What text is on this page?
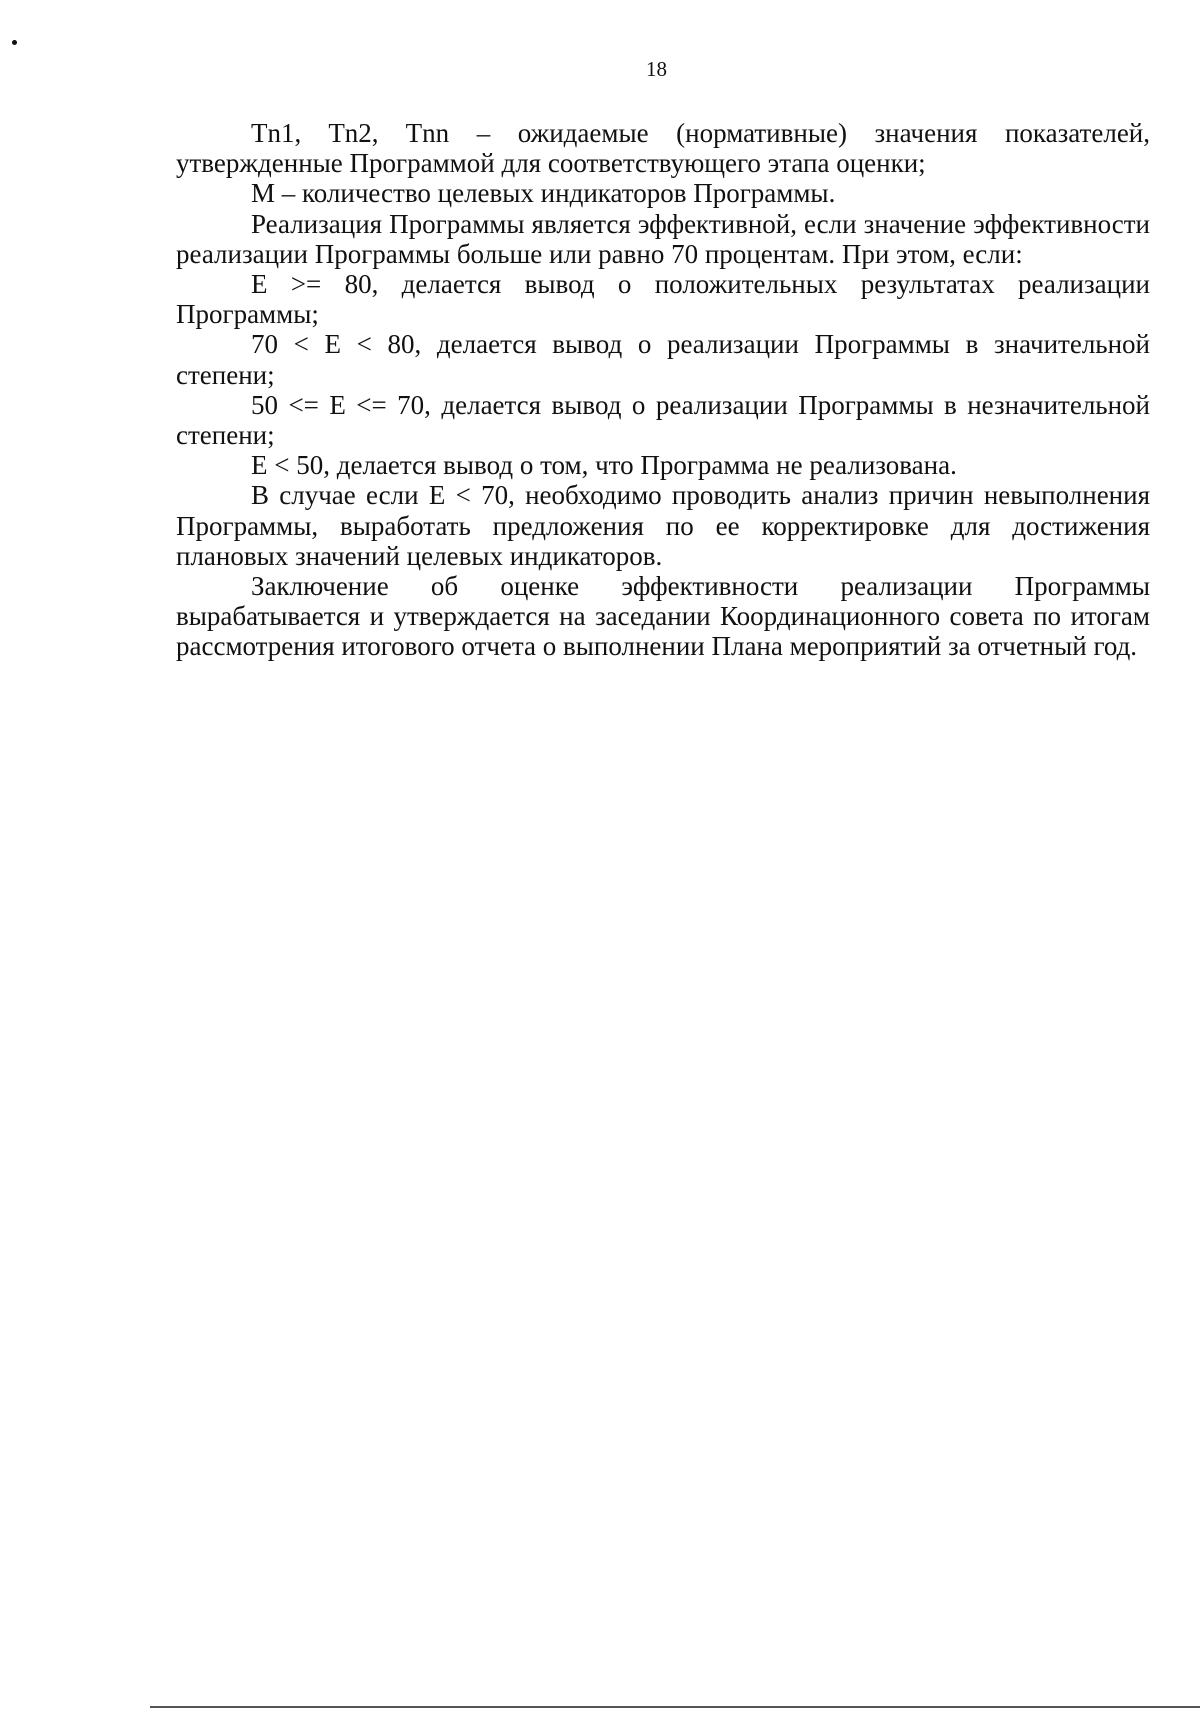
18

Tn1, Tn2, Tnn – ожидаемые (нормативные) значения показателей, утвержденные Программой для соответствующего этапа оценки;

М – количество целевых индикаторов Программы.

Реализация Программы является эффективной, если значение эффективности реализации Программы больше или равно 70 процентам. При этом, если:

Е >= 80, делается вывод о положительных результатах реализации Программы;

70 < Е < 80, делается вывод о реализации Программы в значительной степени;

50 <= Е <= 70, делается вывод о реализации Программы в незначительной степени;

Е < 50, делается вывод о том, что Программа не реализована.

В случае если Е < 70, необходимо проводить анализ причин невыполнения Программы, выработать предложения по ее корректировке для достижения плановых значений целевых индикаторов.

Заключение об оценке эффективности реализации Программы вырабатывается и утверждается на заседании Координационного совета по итогам рассмотрения итогового отчета о выполнении Плана мероприятий за отчетный год.
